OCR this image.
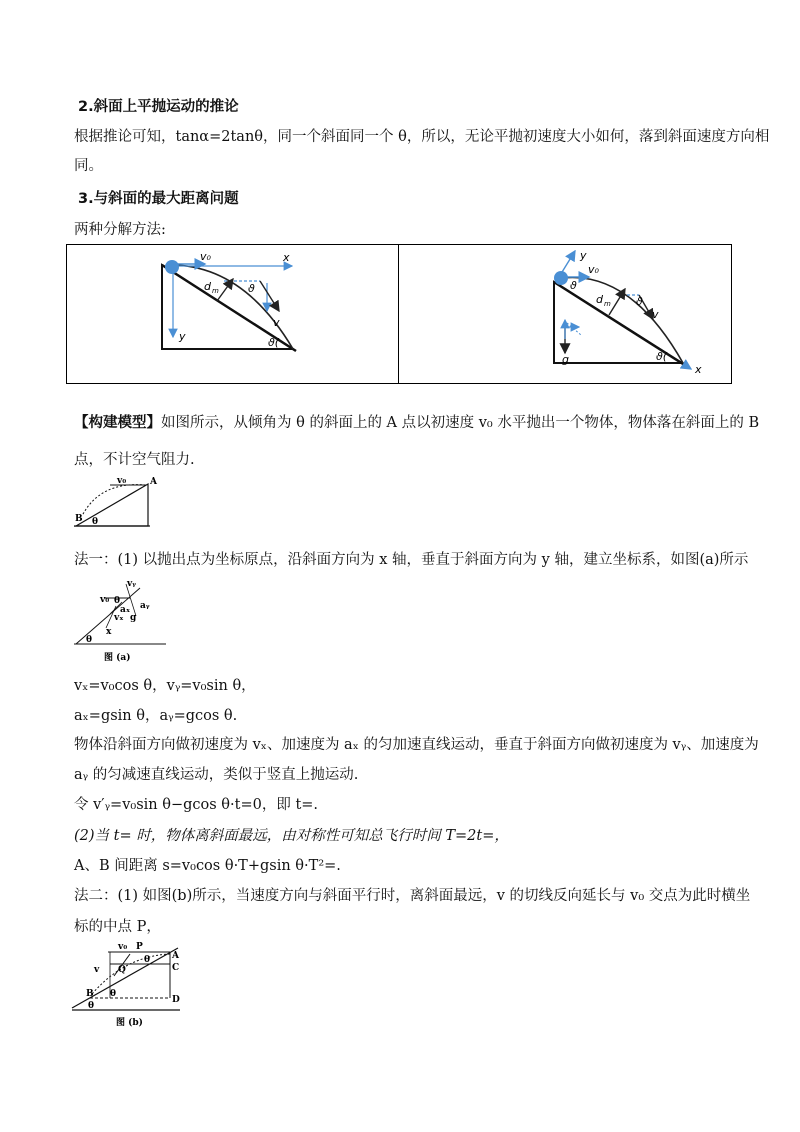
2.斜面上平抛运动的推论
根据推论可知，tanα=2tanθ，同一个斜面同一个 θ，所以，无论平抛初速度大小如何，落到斜面速度方向相
同。
3.与斜面的最大距离问题
两种分解方法:
v₀	x
y
d m	ϑ
v
ϑ(
v₀
y
ϑ
d m ϑ
v
g	ϑ(
x
【构建模型】如图所示，从倾角为 θ 的斜面上的 A 点以初速度 v₀ 水平抛出一个物体，物体落在斜面上的 B
点，不计空气阻力.
v₀	A
B θ
法一：(1) 以抛出点为坐标原点，沿斜面方向为 x 轴，垂直于斜面方向为 y 轴，建立坐标系，如图(a)所示
vᵧ
v₀ θ aᵧ
aₓ
vₓ g
x
θ
图 (a)
vₓ=v₀cos θ，vᵧ=v₀sin θ，
aₓ=gsin θ，aᵧ=gcos θ.
物体沿斜面方向做初速度为 vₓ、加速度为 aₓ 的匀加速直线运动，垂直于斜面方向做初速度为 vᵧ、加速度为
aᵧ 的匀减速直线运动，类似于竖直上抛运动.
令 v′ᵧ=v₀sin θ−gcos θ·t=0，即 t=.
(2)当 t= 时，物体离斜面最远，由对称性可知总飞行时间 T=2t=，
A、B 间距离 s=v₀cos θ·T+gsin θ·T²=.
法二：(1) 如图(b)所示，当速度方向与斜面平行时，离斜面最远，v 的切线反向延长与 v₀ 交点为此时横坐
标的中点 P，
v₀ P
A
C
θ
Q
v
B θ
D
θ
图 (b)
